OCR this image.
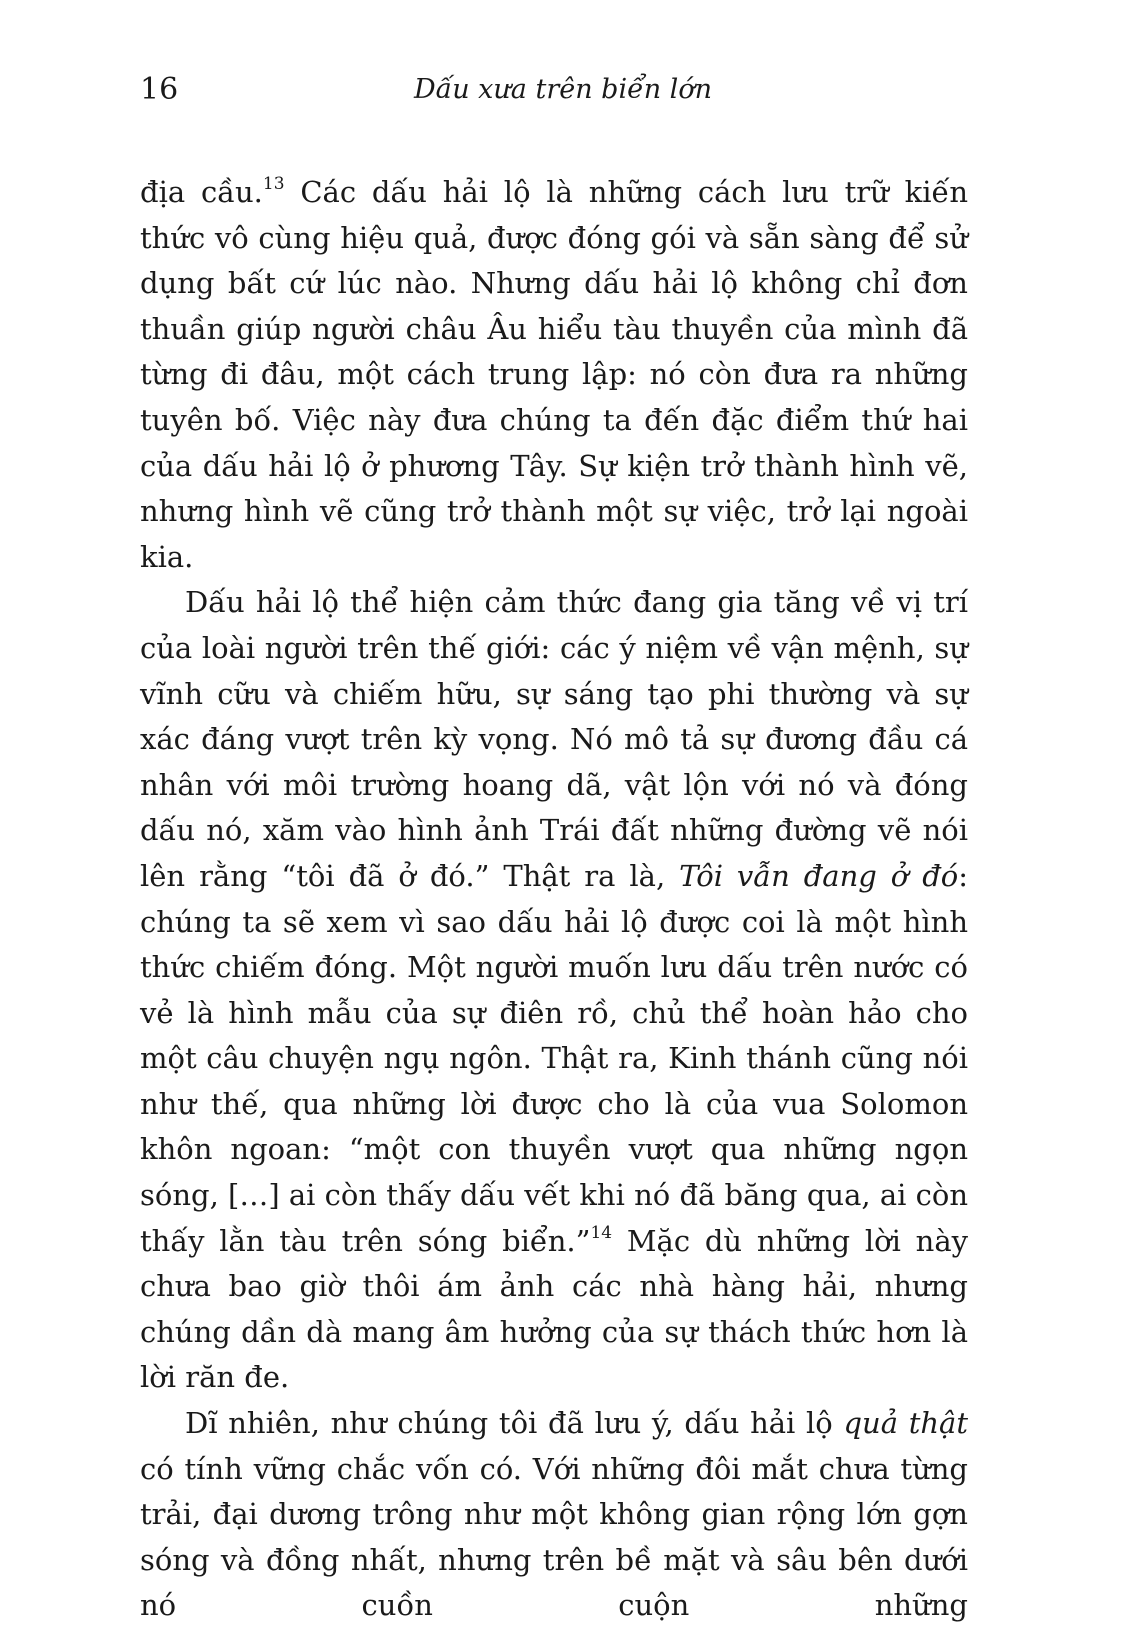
16	Dấu xưa trên biển lớn

địa cầu.$^{13}$ Các dấu hải lộ là những cách lưu trữ kiến thức vô cùng hiệu quả, được đóng gói và sẵn sàng để sử dụng bất cứ lúc nào. Nhưng dấu hải lộ không chỉ đơn thuần giúp người châu Âu hiểu tàu thuyền của mình đã từng đi đâu, một cách trung lập: nó còn đưa ra những tuyên bố. Việc này đưa chúng ta đến đặc điểm thứ hai của dấu hải lộ ở phương Tây. Sự kiện trở thành hình vẽ, nhưng hình vẽ cũng trở thành một sự việc, trở lại ngoài kia.

Dấu hải lộ thể hiện cảm thức đang gia tăng về vị trí của loài người trên thế giới: các ý niệm về vận mệnh, sự vĩnh cữu và chiếm hữu, sự sáng tạo phi thường và sự xác đáng vượt trên kỳ vọng. Nó mô tả sự đương đầu cá nhân với môi trường hoang dã, vật lộn với nó và đóng dấu nó, xăm vào hình ảnh Trái đất những đường vẽ nói lên rằng “tôi đã ở đó.” Thật ra là, Tôi vẫn đang ở đó: chúng ta sẽ xem vì sao dấu hải lộ được coi là một hình thức chiếm đóng. Một người muốn lưu dấu trên nước có vẻ là hình mẫu của sự điên rồ, chủ thể hoàn hảo cho một câu chuyện ngụ ngôn. Thật ra, Kinh thánh cũng nói như thế, qua những lời được cho là của vua Solomon khôn ngoan: “một con thuyền vượt qua những ngọn sóng, […] ai còn thấy dấu vết khi nó đã băng qua, ai còn thấy lằn tàu trên sóng biển.”$^{14}$ Mặc dù những lời này chưa bao giờ thôi ám ảnh các nhà hàng hải, nhưng chúng dần dà mang âm hưởng của sự thách thức hơn là lời răn đe.

Dĩ nhiên, như chúng tôi đã lưu ý, dấu hải lộ quả thật có tính vững chắc vốn có. Với những đôi mắt chưa từng trải, đại dương trông như một không gian rộng lớn gợn sóng và đồng nhất, nhưng trên bề mặt và sâu bên dưới nó cuồn cuộn những
